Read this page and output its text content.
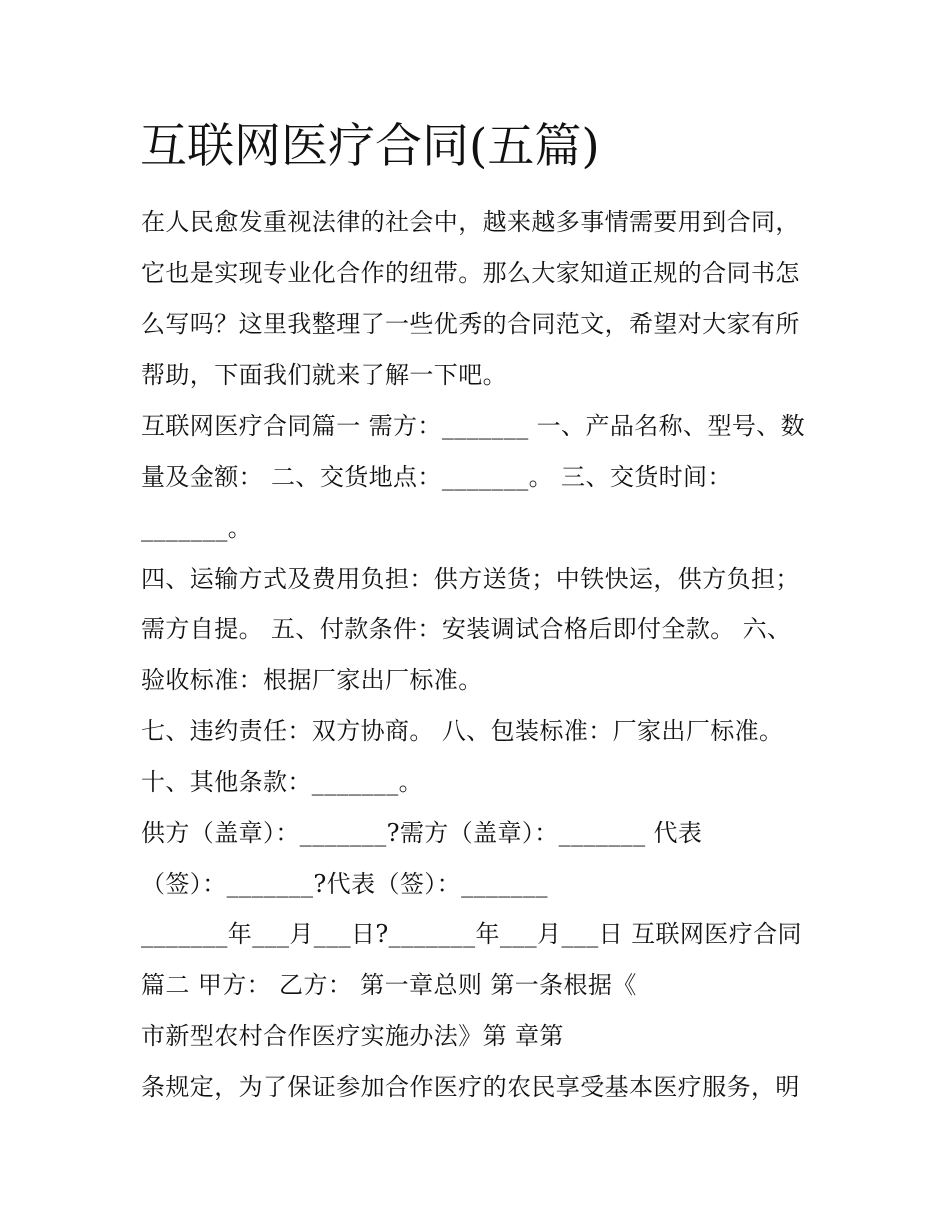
互联网医疗合同(五篇)
在人民愈发重视法律的社会中，越来越多事情需要用到合同，
它也是实现专业化合作的纽带。那么大家知道正规的合同书怎
么写吗？这里我整理了一些优秀的合同范文，希望对大家有所
帮助，下面我们就来了解一下吧。
互联网医疗合同篇一 需方：_______ 一、产品名称、型号、数
量及金额： 二、交货地点：_______。 三、交货时间：
_______。
四、运输方式及费用负担：供方送货；中铁快运，供方负担；
需方自提。 五、付款条件：安装调试合格后即付全款。 六、
验收标准：根据厂家出厂标准。
七、违约责任：双方协商。 八、包装标准：厂家出厂标准。
十、其他条款：_______。
供方（盖章）：_______?需方（盖章）：_______ 代表
（签）：_______?代表（签）：_______
_______年___月___日?_______年___月___日 互联网医疗合同
篇二 甲方： 乙方： 第一章总则 第一条根据《
市新型农村合作医疗实施办法》第 章第
条规定，为了保证参加合作医疗的农民享受基本医疗服务，明
